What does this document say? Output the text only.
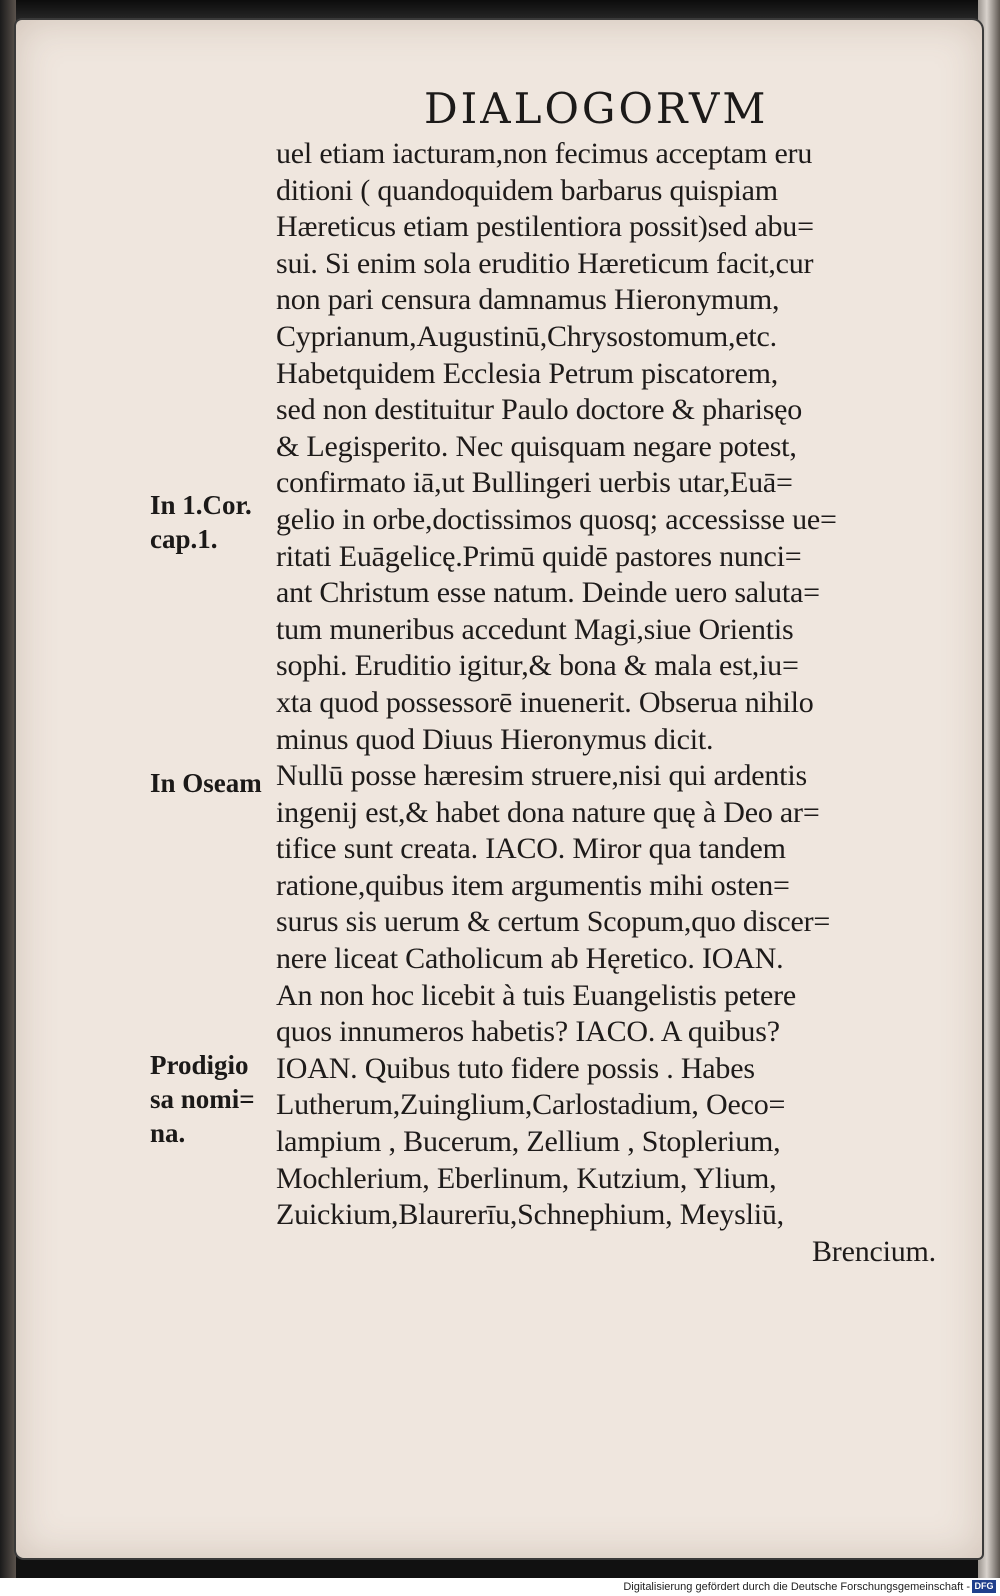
DIALOGORVM
uel etiam iacturam,non fecimus acceptam eru
ditioni ( quandoquidem barbarus quispiam
Hæreticus etiam pestilentiora possit)sed abu=
sui. Si enim sola eruditio Hæreticum facit,cur
non pari censura damnamus Hieronymum,
Cyprianum,Augustinū,Chrysostomum,etc.
Habetquidem Ecclesia Petrum piscatorem,
sed non destituitur Paulo doctore & pharisęo
& Legisperito. Nec quisquam negare potest,
confirmato iā,ut Bullingeri uerbis utar,Euā=
gelio in orbe,doctissimos quosq; accessisse ue=
ritati Euāgelicę.Primū quidē pastores nunci=
ant Christum esse natum. Deinde uero saluta=
tum muneribus accedunt Magi,siue Orientis
sophi. Eruditio igitur,& bona & mala est,iu=
xta quod possessorē inuenerit. Obserua nihilo
minus quod Diuus Hieronymus dicit.
Nullū posse hæresim struere,nisi qui ardentis
ingenij est,& habet dona nature quę à Deo ar=
tifice sunt creata. IACO. Miror qua tandem
ratione,quibus item argumentis mihi osten=
surus sis uerum & certum Scopum,quo discer=
nere liceat Catholicum ab Hęretico. IOAN.
An non hoc licebit à tuis Euangelistis petere
quos innumeros habetis? IACO. A quibus?
IOAN. Quibus tuto fidere possis . Habes
Lutherum,Zuinglium,Carlostadium, Oeco=
lampium , Bucerum, Zellium , Stoplerium,
Mochlerium, Eberlinum, Kutzium, Ylium,
Zuickium,Blaurerīu,Schnephium, Meysliū,
Brencium.

In 1.Cor. cap.1.

In Oseam

Prodigio sa nomi= na.

Digitalisierung gefördert durch die Deutsche Forschungsgemeinschaft - DFG
